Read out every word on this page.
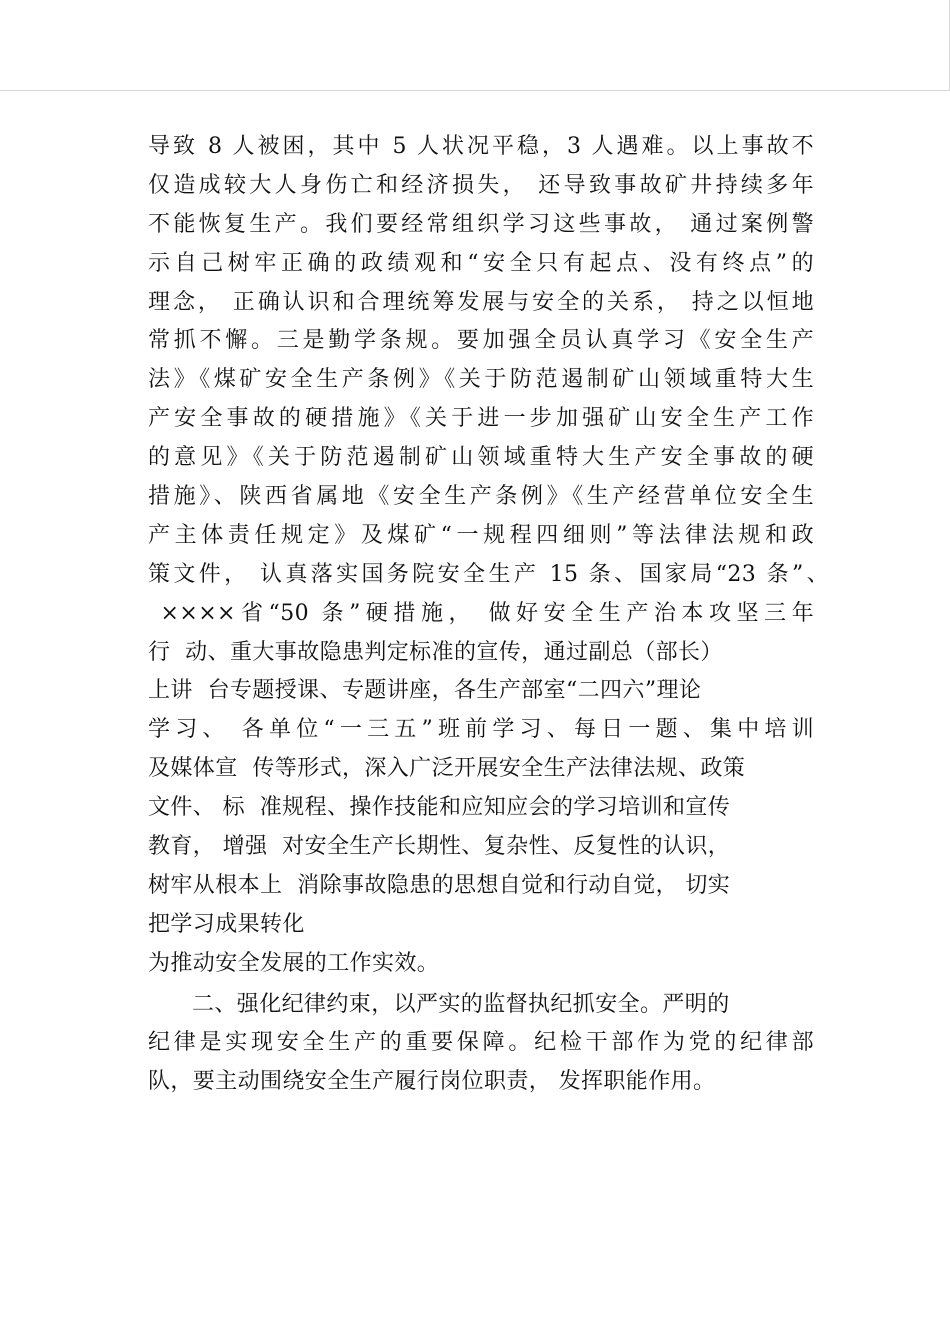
导致 8 人被困，其中 5 人状况平稳，3 人遇难。以上事故不
仅造成较大人身伤亡和经济损失， 还导致事故矿井持续多年
不能恢复生产。我们要经常组织学习这些事故， 通过案例警
示自己树牢正确的政绩观和“安全只有起点、没有终点”的
理念， 正确认识和合理统筹发展与安全的关系， 持之以恒地
常抓不懈。三是勤学条规。要加强全员认真学习《安全生产
法》《煤矿安全生产条例》《关于防范遏制矿山领域重特大生
产安全事故的硬措施》《关于进一步加强矿山安全生产工作
的意见》《关于防范遏制矿山领域重特大生产安全事故的硬
措施》、陕西省属地《安全生产条例》《生产经营单位安全生
产主体责任规定》及煤矿“一规程四细则”等法律法规和政
策文件， 认真落实国务院安全生产 15 条、国家局“23 条”、
××××省“50 条”硬措施， 做好安全生产治本攻坚三年
行  动、重大事故隐患判定标准的宣传，通过副总（部长）
上讲  台专题授课、专题讲座，各生产部室“二四六”理论
学习、 各单位“一三五”班前学习、每日一题、集中培训
及媒体宣  传等形式，深入广泛开展安全生产法律法规、政策
文件、 标  准规程、操作技能和应知应会的学习培训和宣传
教育， 增强  对安全生产长期性、复杂性、反复性的认识，
树牢从根本上  消除事故隐患的思想自觉和行动自觉， 切实
把学习成果转化
为推动安全发展的工作实效。
二、强化纪律约束，以严实的监督执纪抓安全。严明的
纪律是实现安全生产的重要保障。纪检干部作为党的纪律部
队，要主动围绕安全生产履行岗位职责， 发挥职能作用。
